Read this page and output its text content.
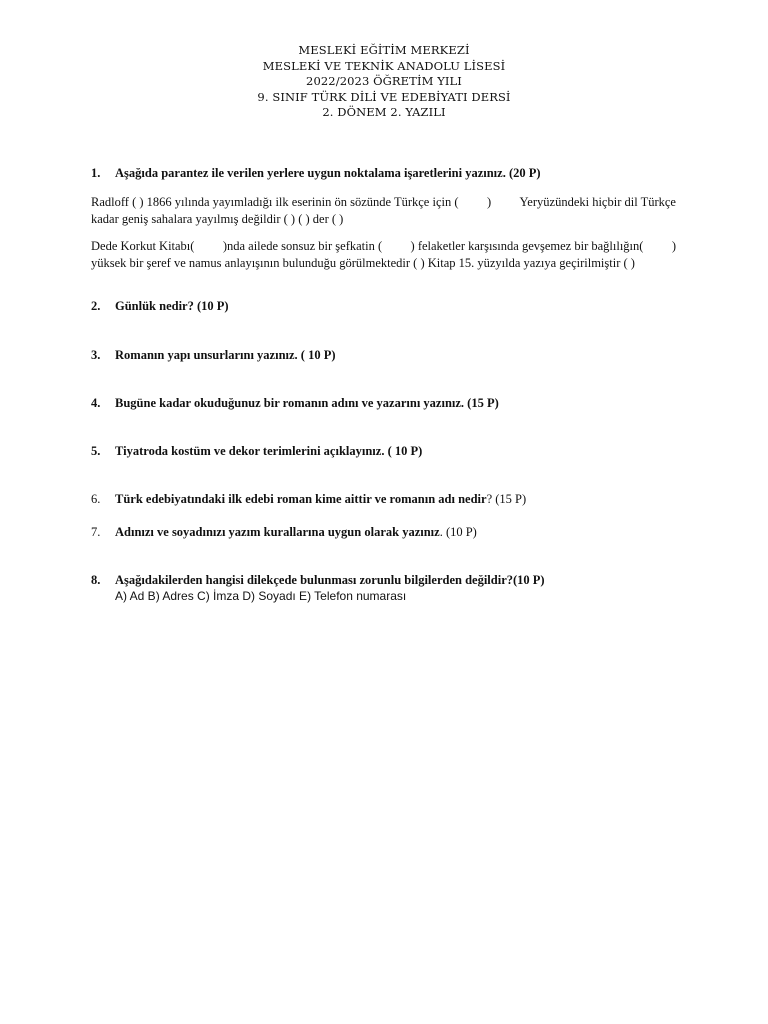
MESLEKİ EĞİTİM MERKEZİ
MESLEKİ VE TEKNİK ANADOLU LİSESİ
2022/2023 ÖĞRETİM YILI
9. SINIF TÜRK DİLİ VE EDEBİYATI DERSİ
2. DÖNEM 2. YAZILI
1. Aşağıda parantez ile verilen yerlere uygun noktalama işaretlerini yazınız. (20 P)
Radloff ( ) 1866 yılında yayımladığı ilk eserinin ön sözünde Türkçe için ( ) Yeryüzündeki hiçbir dil Türkçe
kadar geniş sahalara yayılmış değildir ( ) ( ) der ( )
Dede Korkut Kitabı( )nda ailede sonsuz bir şefkatin ( ) felaketler karşısında gevşemez bir bağlılığın( )
yüksek bir şeref ve namus anlayışının bulunduğu görülmektedir ( ) Kitap 15. yüzyılda yazıya geçirilmiştir ( )
2. Günlük nedir? (10 P)
3. Romanın yapı unsurlarını yazınız. ( 10 P)
4. Bugüne kadar okuduğunuz bir romanın adını ve yazarını yazınız. (15 P)
5. Tiyatroda kostüm ve dekor terimlerini açıklayınız. ( 10 P)
6. Türk edebiyatındaki ilk edebi roman kime aittir ve romanın adı nedir? (15 P)
7. Adınızı ve soyadınızı yazım kurallarına uygun olarak yazınız. (10 P)
8. Aşağıdakilerden hangisi dilekçede bulunması zorunlu bilgilerden değildir?(10 P)
A) Ad B) Adres C) İmza D) Soyadı E) Telefon numarası
